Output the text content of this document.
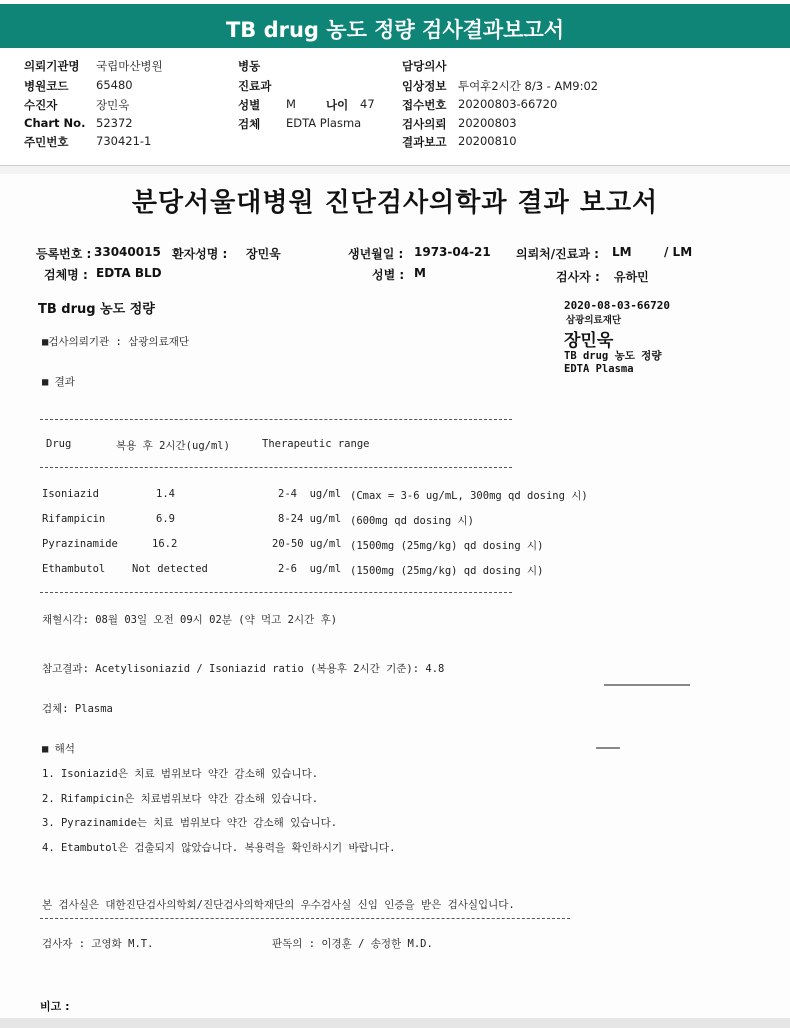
TB drug 농도 정량 검사결과보고서
의뢰기관명 국립마산병원
병원코드 65480
수진자	장민욱
Chart No. 52372
주민번호 730421-1
병동
진료과
성별 M	나이 47
검체 EDTA Plasma
담당의사
임상정보 투여후2시간 8/3 - AM9:02
접수번호 20200803-66720
검사의뢰 20200803
결과보고 20200810
분당서울대병원 진단검사의학과 결과 보고서
등록번호 : 33040015 환자성명 : 장민욱	생년월일 : 1973-04-21 의뢰처/진료과 : LM	/ LM
검체명 : EDTA BLD	성별 : M	검사자 : 유하민
TB drug 농도 정량
■검사의뢰기관 : 삼광의료재단
■ 결과
Drug	복용 후 2시간(ug/ml)	Therapeutic range
Isoniazid	1.4	2-4  ug/ml (Cmax = 3-6 ug/mL, 300mg qd dosing 시)
Rifampicin	6.9	8-24 ug/ml (600mg qd dosing 시)
Pyrazinamide	16.2	20-50 ug/ml (1500mg (25mg/kg) qd dosing 시)
Ethambutol	Not detected	2-6  ug/ml (1500mg (25mg/kg) qd dosing 시)
채혈시각: 08월 03일 오전 09시 02분 (약 먹고 2시간 후)
참고결과: Acetylisoniazid / Isoniazid ratio (복용후 2시간 기준): 4.8
검체: Plasma
■ 해석
1. Isoniazid은 치료 범위보다 약간 감소해 있습니다.
2. Rifampicin은 치료범위보다 약간 감소해 있습니다.
3. Pyrazinamide는 치료 범위보다 약간 감소해 있습니다.
4. Etambutol은 검출되지 않았습니다. 복용력을 확인하시기 바랍니다.
본 검사실은 대한진단검사의학회/진단검사의학재단의 우수검사실 신임 인증을 받은 검사실입니다.
검사자 : 고영화 M.T.	판독의 : 이경훈 / 송정한 M.D.
비고 :
2020-08-03-66720
삼광의료재단
장민욱
TB drug 농도 정량
EDTA Plasma
